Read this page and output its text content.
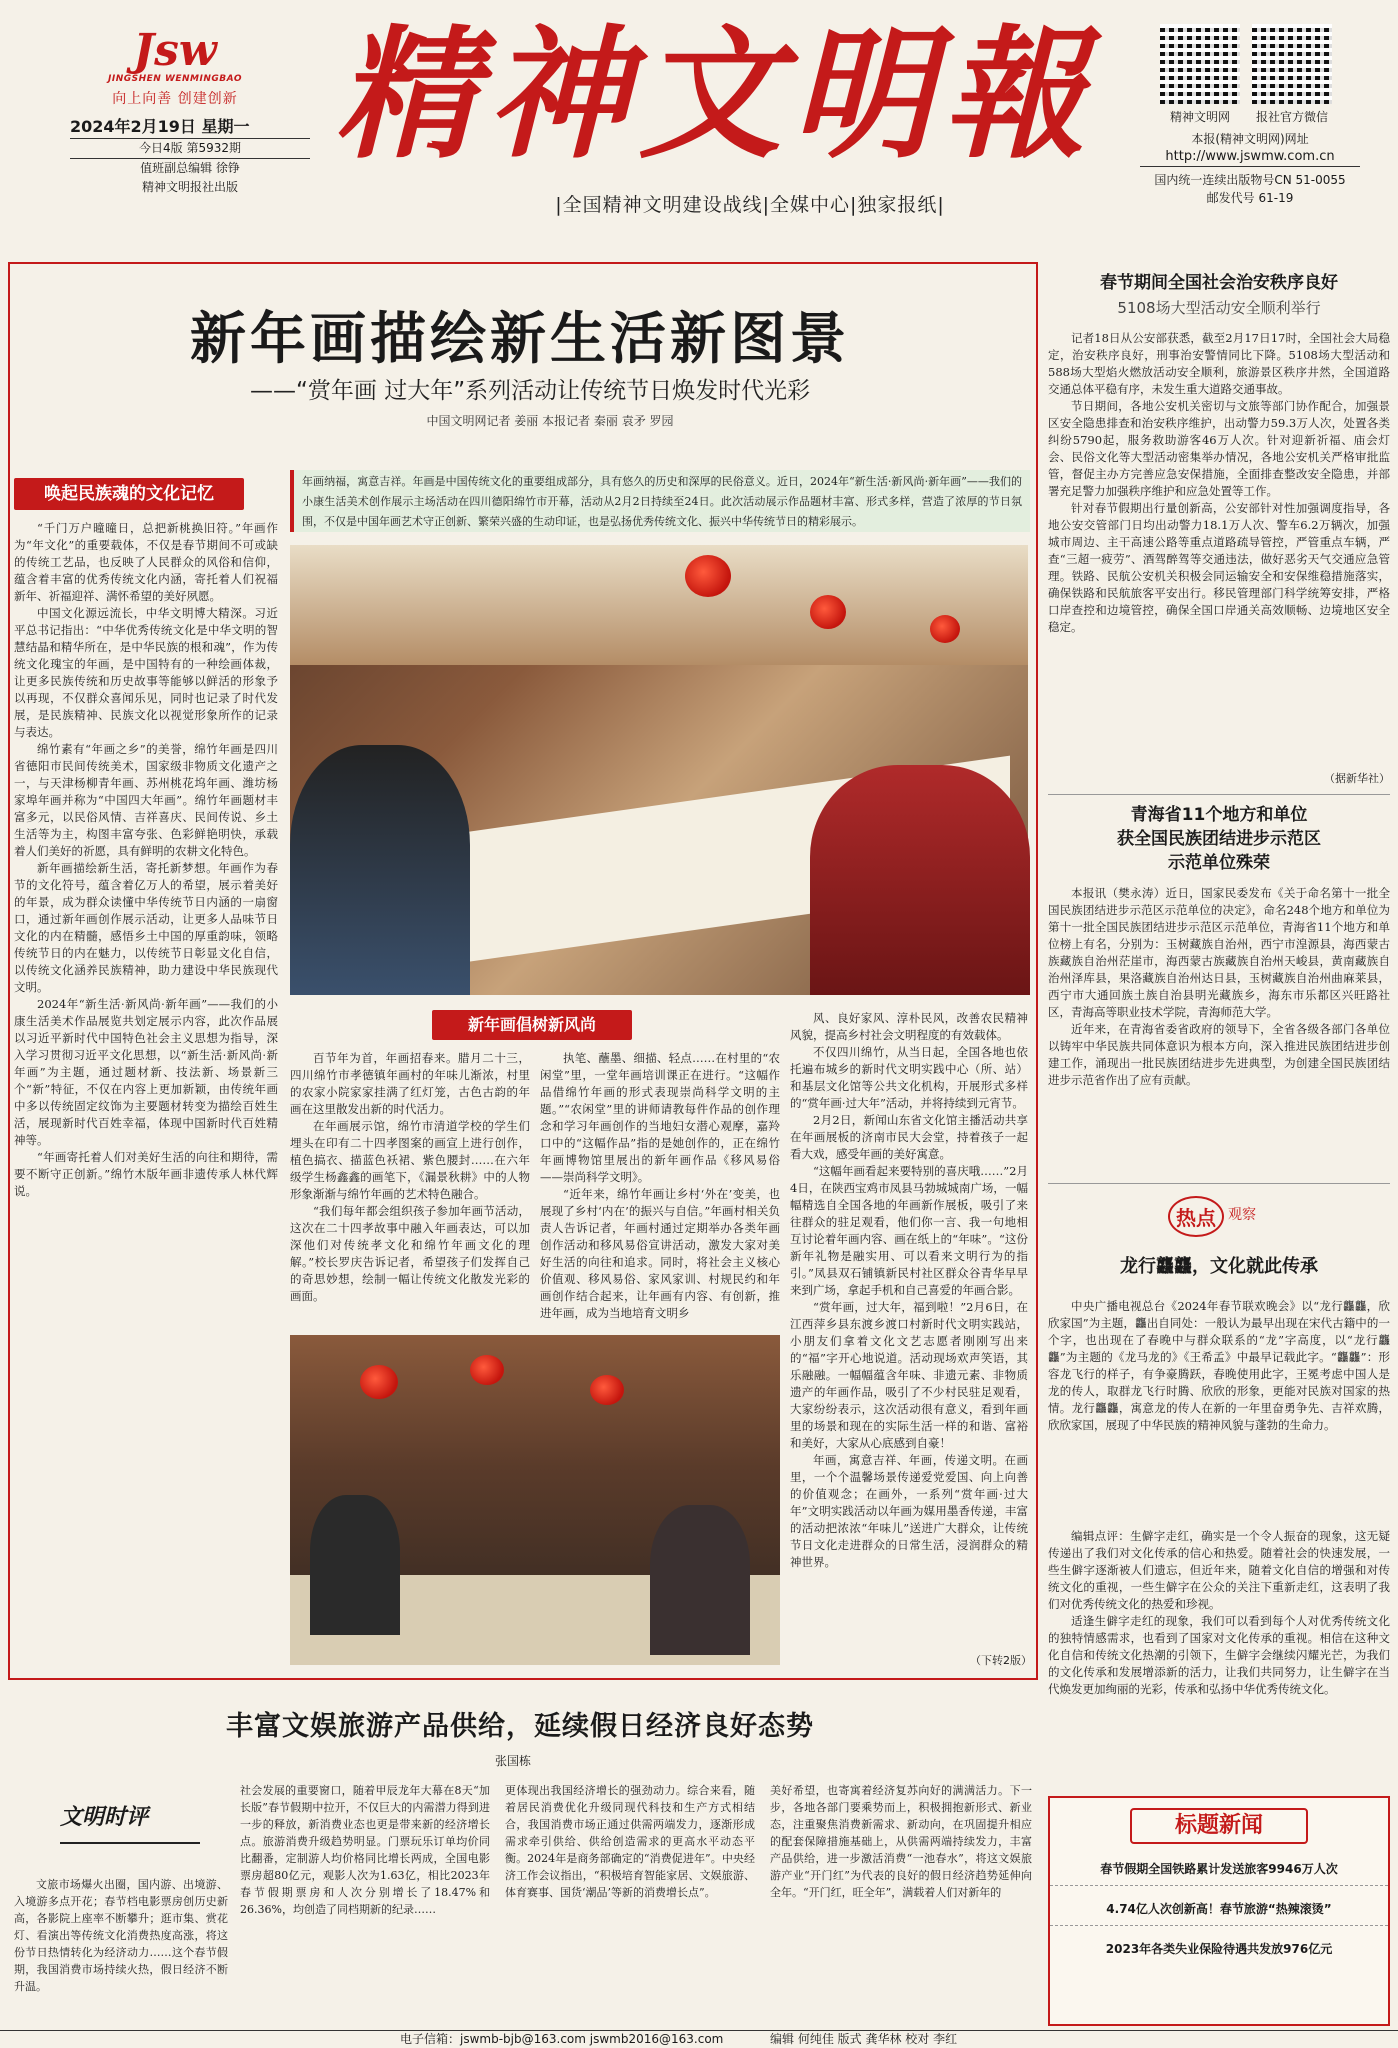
Jsw
JINGSHEN WENMINGBAO
向上向善 创建创新
2024年2月19日 星期一
今日4版 第5932期
值班副总编辑 徐铮
精神文明报社出版
精神文明報
|全国精神文明建设战线|全媒中心|独家报纸|
精神文明网	报社官方微信
本报(精神文明网)网址
http://www.jswmw.com.cn
国内统一连续出版物号CN 51-0055
邮发代号 61-19
新年画描绘新生活新图景
——“赏年画 过大年”系列活动让传统节日焕发时代光彩
中国文明网记者 姜丽 本报记者 秦丽 袁矛 罗园
唤起民族魂的文化记忆
年画纳福，寓意吉祥。年画是中国传统文化的重要组成部分，具有悠久的历史和深厚的民俗意义。近日，2024年“新生活·新风尚·新年画”——我们的小康生活美术创作展示主场活动在四川德阳绵竹市开幕，活动从2月2日持续至24日。此次活动展示作品题材丰富、形式多样，营造了浓厚的节日氛围，不仅是中国年画艺术守正创新、繁荣兴盛的生动印证，也是弘扬优秀传统文化、振兴中华传统节日的精彩展示。

“千门万户曈曈日，总把新桃换旧符。”年画作为“年文化”的重要载体，不仅是春节期间不可或缺的传统工艺品，也反映了人民群众的风俗和信仰，蕴含着丰富的优秀传统文化内涵，寄托着人们祝福新年、祈福迎祥、满怀希望的美好夙愿。

中国文化源远流长，中华文明博大精深。习近平总书记指出：“中华优秀传统文化是中华文明的智慧结晶和精华所在，是中华民族的根和魂”，作为传统文化瑰宝的年画，是中国特有的一种绘画体裁，让更多民族传统和历史故事等能够以鲜活的形象予以再现，不仅群众喜闻乐见，同时也记录了时代发展，是民族精神、民族文化以视觉形象所作的记录与表达。

绵竹素有“年画之乡”的美誉，绵竹年画是四川省德阳市民间传统美术，国家级非物质文化遗产之一，与天津杨柳青年画、苏州桃花坞年画、潍坊杨家埠年画并称为“中国四大年画”。绵竹年画题材丰富多元，以民俗风情、吉祥喜庆、民间传说、乡土生活等为主，构图丰富夸张、色彩鲜艳明快，承载着人们美好的祈愿，具有鲜明的农耕文化特色。

新年画描绘新生活，寄托新梦想。年画作为春节的文化符号，蕴含着亿万人的希望，展示着美好的年景，成为群众读懂中华传统节日内涵的一扇窗口，通过新年画创作展示活动，让更多人品味节日文化的内在精髓，感悟乡土中国的厚重韵味，领略传统节日的内在魅力，以传统节日彰显文化自信，以传统文化涵养民族精神，助力建设中华民族现代文明。

2024年“新生活·新风尚·新年画”——我们的小康生活美术作品展览共划定展示内容，此次作品展以习近平新时代中国特色社会主义思想为指导，深入学习贯彻习近平文化思想，以“新生活·新风尚·新年画”为主题，通过题材新、技法新、场景新三个“新”特征，不仅在内容上更加新颖，由传统年画中多以传统固定纹饰为主要题材转变为描绘百姓生活，展现新时代百姓幸福，体现中国新时代百姓精神等。

“年画寄托着人们对美好生活的向往和期待，需要不断守正创新。”绵竹木版年画非遗传承人林代辉说。

新年画倡树新风尚

百节年为首，年画招春来。腊月二十三，四川绵竹市孝德镇年画村的年味儿渐浓，村里的农家小院家家挂满了红灯笼，古色古韵的年画在这里散发出新的时代活力。

在年画展示馆，绵竹市清道学校的学生们埋头在印有二十四孝图案的画宣上进行创作，植色搞衣、描蓝色袄裙、紫色腰封……在六年级学生杨鑫鑫的画笔下，《漏景秋耕》中的人物形象渐渐与绵竹年画的艺术特色融合。

“我们每年都会组织孩子参加年画节活动，这次在二十四孝故事中融入年画表达，可以加深他们对传统孝文化和绵竹年画文化的理解。”校长罗庆告诉记者，希望孩子们发挥自己的奇思妙想，绘制一幅让传统文化散发光彩的画面。

执笔、蘸墨、细描、轻点……在村里的“农闲堂”里，一堂年画培训课正在进行。“这幅作品借绵竹年画的形式表现崇尚科学文明的主题。”“农闲堂”里的讲师请教每件作品的创作理念和学习年画创作的当地妇女潜心观摩，嘉羚口中的“这幅作品”指的是她创作的，正在绵竹年画博物馆里展出的新年画作品《移风易俗——崇尚科学文明》。

“近年来，绵竹年画让乡村‘外在’变美，也展现了乡村‘内在’的振兴与自信。”年画村相关负责人告诉记者，年画村通过定期举办各类年画创作活动和移风易俗宣讲活动，激发大家对美好生活的向往和追求。同时，将社会主义核心价值观、移风易俗、家风家训、村规民约和年画创作结合起来，让年画有内容、有创新，推进年画，成为当地培育文明乡

风、良好家风、淳朴民风，改善农民精神风貌，提高乡村社会文明程度的有效载体。

不仅四川绵竹，从当日起，全国各地也依托遍布城乡的新时代文明实践中心（所、站）和基层文化馆等公共文化机构，开展形式多样的“赏年画·过大年”活动，并将持续到元宵节。

2月2日，新闻山东省文化馆主播活动共享在年画展板的济南市民大会堂，持着孩子一起看大戏，感受年画的美好寓意。

“这幅年画看起来要特别的喜庆哦……”2月4日，在陕西宝鸡市凤县马勃城城南广场，一幅幅精选自全国各地的年画新作展板，吸引了来往群众的驻足观看，他们你一言、我一句地相互讨论着年画内容、画在纸上的“年味”。“这份新年礼物是融实用、可以看来文明行为的指引。”凤县双石铺镇新民村社区群众谷青华早早来到广场，拿起手机和自己喜爱的年画合影。

“赏年画，过大年，福到啦！”2月6日，在江西萍乡县东渡乡渡口村新时代文明实践站，小朋友们拿着文化文艺志愿者刚刚写出来的“福”字开心地说道。活动现场欢声笑语，其乐融融。一幅幅蕴含年味、非遗元素、非物质遗产的年画作品，吸引了不少村民驻足观看，大家纷纷表示，这次活动很有意义，看到年画里的场景和现在的实际生活一样的和谐、富裕和美好，大家从心底感到自豪！

年画，寓意吉祥、年画，传递文明。在画里，一个个温馨场景传递爱党爱国、向上向善的价值观念；在画外，一系列“赏年画·过大年”文明实践活动以年画为媒用墨香传递，丰富的活动把浓浓“年味儿”送进广大群众，让传统节日文化走进群众的日常生活，浸润群众的精神世界。

（下转2版）
春节期间全国社会治安秩序良好
5108场大型活动安全顺利举行

记者18日从公安部获悉，截至2月17日17时，全国社会大局稳定，治安秩序良好，刑事治安警情同比下降。5108场大型活动和588场大型焰火燃放活动安全顺利，旅游景区秩序井然，全国道路交通总体平稳有序，未发生重大道路交通事故。

节日期间，各地公安机关密切与文旅等部门协作配合，加强景区安全隐患排查和治安秩序维护，出动警力59.3万人次，处置各类纠纷5790起，服务救助游客46万人次。针对迎新祈福、庙会灯会、民俗文化等大型活动密集举办情况，各地公安机关严格审批监管，督促主办方完善应急安保措施，全面排查整改安全隐患，并部署充足警力加强秩序维护和应急处置等工作。

针对春节假期出行量创新高，公安部针对性加强调度指导，各地公安交管部门日均出动警力18.1万人次、警车6.2万辆次，加强城市周边、主干高速公路等重点道路疏导管控，严管重点车辆，严查“三超一疲劳”、酒驾醉驾等交通违法，做好恶劣天气交通应急管理。铁路、民航公安机关积极会同运输安全和安保维稳措施落实，确保铁路和民航旅客平安出行。移民管理部门科学统筹安排，严格口岸查控和边境管控，确保全国口岸通关高效顺畅、边境地区安全稳定。

（据新华社）
青海省11个地方和单位
获全国民族团结进步示范区
示范单位殊荣

本报讯（樊永涛）近日，国家民委发布《关于命名第十一批全国民族团结进步示范区示范单位的决定》，命名248个地方和单位为第十一批全国民族团结进步示范区示范单位，青海省11个地方和单位榜上有名，分别为：玉树藏族自治州，西宁市湟源县，海西蒙古族藏族自治州茫崖市，海西蒙古族藏族自治州天峻县，黄南藏族自治州泽库县，果洛藏族自治州达日县，玉树藏族自治州曲麻莱县，西宁市大通回族土族自治县明光藏族乡，海东市乐都区兴旺路社区，青海高等职业技术学院，青海师范大学。

近年来，在青海省委省政府的领导下，全省各级各部门各单位以铸牢中华民族共同体意识为根本方向，深入推进民族团结进步创建工作，涌现出一批民族团结进步先进典型，为创建全国民族团结进步示范省作出了应有贡献。

热点 观察
龙行龘龘，文化就此传承

中央广播电视总台《2024年春节联欢晚会》以“龙行龘龘，欣欣家国”为主题，龘出自同处：一般认为最早出现在宋代古籍中的一个字，也出现在了春晚中与群众联系的“龙”字高度，以“龙行龘龘”为主题的《龙马龙的》《王希孟》中最早记载此字。“龘龘”：形容龙飞行的样子，有争豪腾跃，春晚使用此字，王冕考虑中国人是龙的传人，取群龙飞行时腾、欣欣的形象，更能对民族对国家的热情。龙行龘龘，寓意龙的传人在新的一年里奋勇争先、吉祥欢腾，欣欣家国，展现了中华民族的精神风貌与蓬勃的生命力。

编辑点评：生僻字走红，确实是一个令人振奋的现象，这无疑传递出了我们对文化传承的信心和热爱。随着社会的快速发展，一些生僻字逐渐被人们遗忘，但近年来，随着文化自信的增强和对传统文化的重视，一些生僻字在公众的关注下重新走红，这表明了我们对优秀传统文化的热爱和珍视。

适逢生僻字走红的现象，我们可以看到每个人对优秀传统文化的独特情感需求，也看到了国家对文化传承的重视。相信在这种文化自信和传统文化热潮的引领下，生僻字会继续闪耀光芒，为我们的文化传承和发展增添新的活力，让我们共同努力，让生僻字在当代焕发更加绚丽的光彩，传承和弘扬中华优秀传统文化。

丰富文娱旅游产品供给，延续假日经济良好态势
张国栋
文明时评

文旅市场爆火出圈，国内游、出境游、入境游多点开花；春节档电影票房创历史新高，各影院上座率不断攀升；逛市集、赏花灯、看演出等传统文化消费热度高涨，将这份节日热情转化为经济动力……这个春节假期，我国消费市场持续火热，假日经济不断升温。

社会发展的重要窗口，随着甲辰龙年大幕在8天“加长版”春节假期中拉开，不仅巨大的内需潜力得到进一步的释放，新消费业态也更是带来新的经济增长点。旅游消费升级趋势明显。门票玩乐订单均价同比翻番，定制游人均价格同比增长两成，全国电影票房超80亿元，观影人次为1.63亿，相比2023年春节假期票房和人次分别增长了18.47%和26.36%，均创造了同档期新的纪录……

更体现出我国经济增长的强劲动力。综合来看，随着居民消费优化升级同现代科技和生产方式相结合，我国消费市场正通过供需两端发力，逐渐形成需求牵引供给、供给创造需求的更高水平动态平衡。2024年是商务部确定的“消费促进年”。中央经济工作会议指出，“积极培育智能家居、文娱旅游、体育赛事、国货‘潮品’等新的消费增长点”。

美好希望，也寄寓着经济复苏向好的满满活力。下一步，各地各部门要乘势而上，积极拥抱新形式、新业态，注重聚焦消费新需求、新动向，在巩固提升相应的配套保障措施基础上，从供需两端持续发力，丰富产品供给，进一步激活消费“一池春水”，将这文娱旅游产业“开门红”为代表的良好的假日经济趋势延伸向全年。“开门红，旺全年”，满载着人们对新年的

标题新闻
春节假期全国铁路累计发送旅客9946万人次
4.74亿人次创新高！春节旅游“热辣滚烫”
2023年各类失业保险待遇共发放976亿元
电子信箱：jswmb-bjb@163.com jswmb2016@163.com	编辑 何纯佳 版式 龚华林 校对 李红
